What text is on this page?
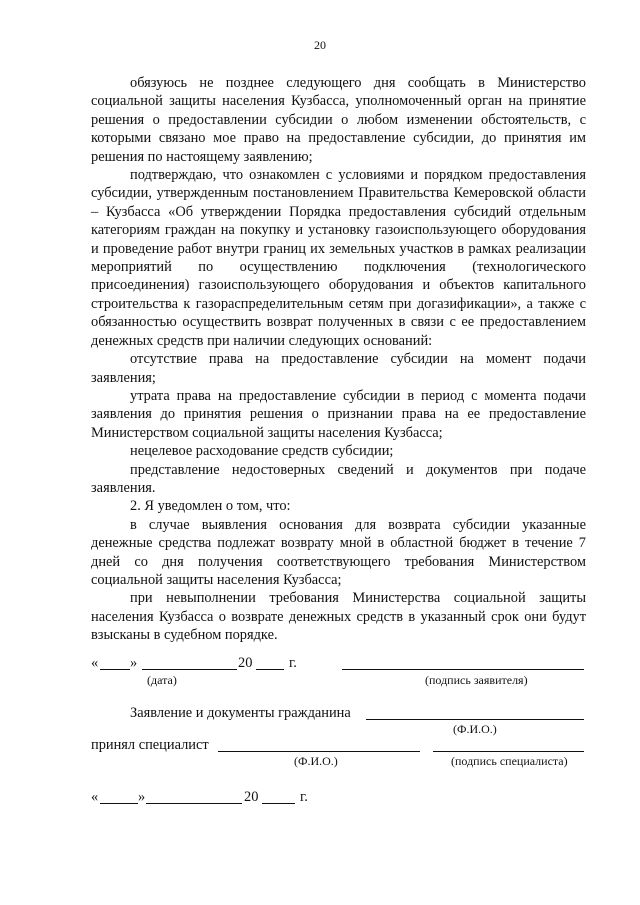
20

обязуюсь не позднее следующего дня сообщать в Министерство социальной защиты населения Кузбасса, уполномоченный орган на принятие решения о предоставлении субсидии о любом изменении обстоятельств, с которыми связано мое право на предоставление субсидии, до принятия им решения по настоящему заявлению;

подтверждаю, что ознакомлен с условиями и порядком предоставления субсидии, утвержденным постановлением Правительства Кемеровской области – Кузбасса «Об утверждении Порядка предоставления субсидий отдельным категориям граждан на покупку и установку газоиспользующего оборудования и проведение работ внутри границ их земельных участков в рамках реализации мероприятий по осуществлению подключения (технологического присоединения) газоиспользующего оборудования и объектов капитального строительства к газораспределительным сетям при догазификации», а также с обязанностью осуществить возврат полученных в связи с ее предоставлением денежных средств при наличии следующих оснований:

отсутствие права на предоставление субсидии на момент подачи заявления;

утрата права на предоставление субсидии в период с момента подачи заявления до принятия решения о признании права на ее предоставление Министерством социальной защиты населения Кузбасса;

нецелевое расходование средств субсидии;

представление недостоверных сведений и документов при подаче заявления.

2. Я уведомлен о том, что:

в случае выявления основания для возврата субсидии указанные денежные средства подлежат возврату мной в областной бюджет в течение 7 дней со дня получения соответствующего требования Министерством социальной защиты населения Кузбасса;

при невыполнении требования Министерства социальной защиты населения Кузбасса о возврате денежных средств в указанный срок они будут взысканы в судебном порядке.

« »	20	г.
(дата)	(подпись заявителя)
Заявление и документы гражданина
(Ф.И.О.)
принял специалист
(Ф.И.О.)	(подпись специалиста)
«	»	20	г.
